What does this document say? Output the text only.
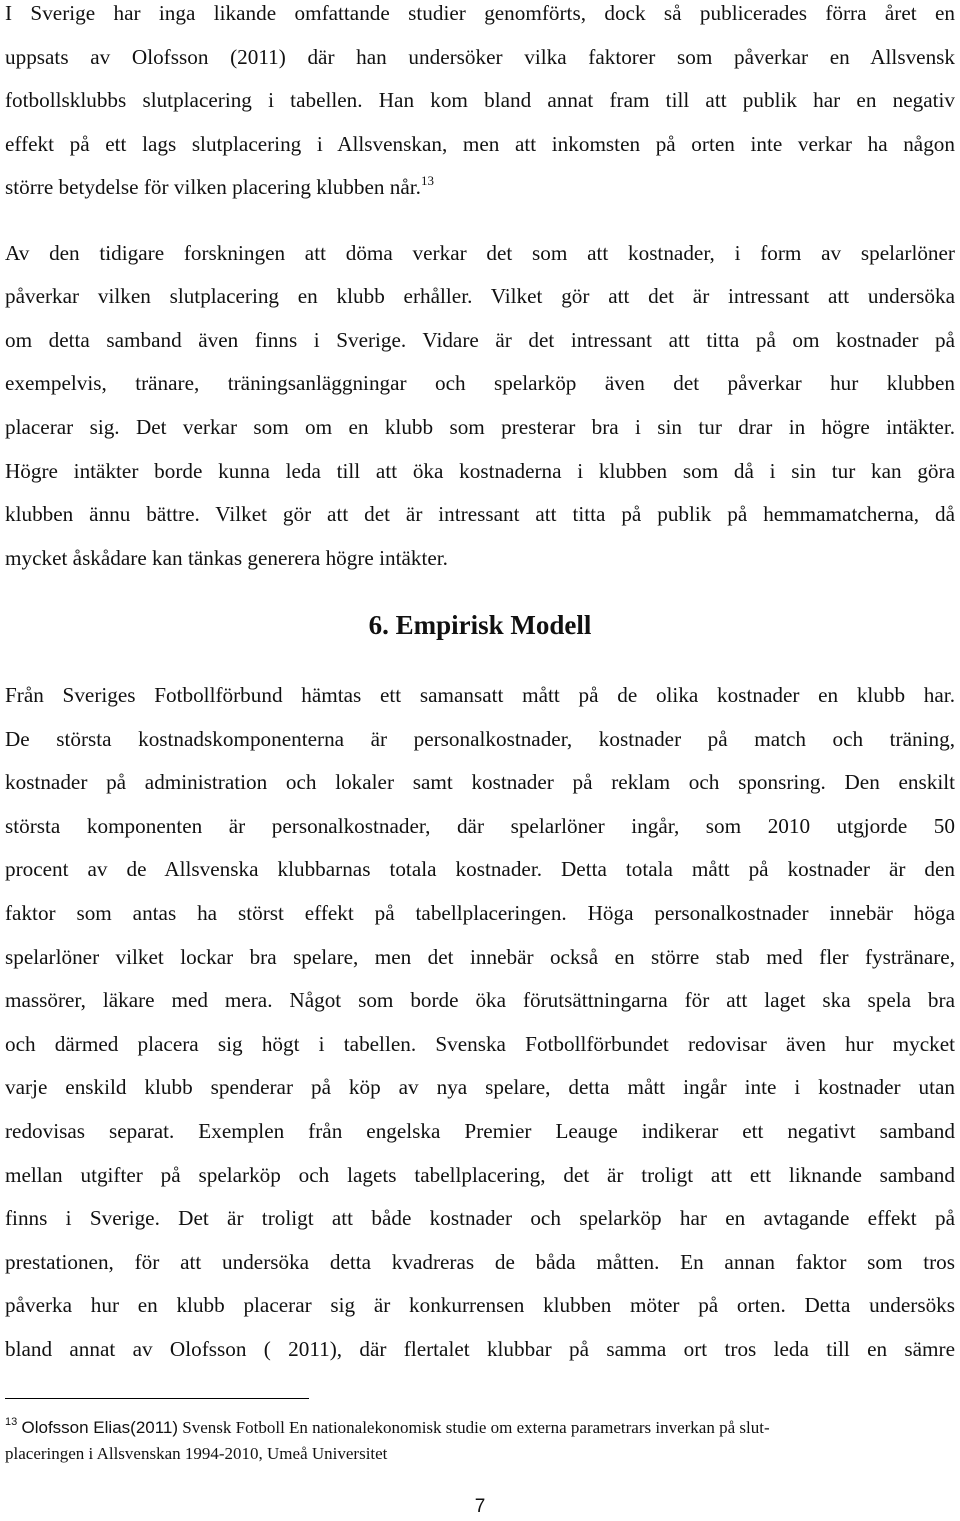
I Sverige har inga likande omfattande studier genomförts, dock så publicerades förra året en
uppsats av Olofsson (2011) där han undersöker vilka faktorer som påverkar en Allsvensk
fotbollsklubbs slutplacering i tabellen. Han kom bland annat fram till att publik har en negativ
effekt på ett lags slutplacering i Allsvenskan, men att inkomsten på orten inte verkar ha någon
större betydelse för vilken placering klubben når.$^{13}$
Av den tidigare forskningen att döma verkar det som att kostnader, i form av spelarlöner
påverkar vilken slutplacering en klubb erhåller. Vilket gör att det är intressant att undersöka
om detta samband även finns i Sverige. Vidare är det intressant att titta på om kostnader på
exempelvis, tränare, träningsanläggningar och spelarköp även det påverkar hur klubben
placerar sig. Det verkar som om en klubb som presterar bra i sin tur drar in högre intäkter.
Högre intäkter borde kunna leda till att öka kostnaderna i klubben som då i sin tur kan göra
klubben ännu bättre. Vilket gör att det är intressant att titta på publik på hemmamatcherna, då
mycket åskådare kan tänkas generera högre intäkter.
6. Empirisk Modell
Från Sveriges Fotbollförbund hämtas ett samansatt mått på de olika kostnader en klubb har.
De största kostnadskomponenterna är personalkostnader, kostnader på match och träning,
kostnader på administration och lokaler samt kostnader på reklam och sponsring. Den enskilt
största komponenten är personalkostnader, där spelarlöner ingår, som 2010 utgjorde 50
procent av de Allsvenska klubbarnas totala kostnader. Detta totala mått på kostnader är den
faktor som antas ha störst effekt på tabellplaceringen. Höga personalkostnader innebär höga
spelarlöner vilket lockar bra spelare, men det innebär också en större stab med fler fystränare,
massörer, läkare med mera. Något som borde öka förutsättningarna för att laget ska spela bra
och därmed placera sig högt i tabellen. Svenska Fotbollförbundet redovisar även hur mycket
varje enskild klubb spenderar på köp av nya spelare, detta mått ingår inte i kostnader utan
redovisas separat. Exemplen från engelska Premier Leauge indikerar ett negativt samband
mellan utgifter på spelarköp och lagets tabellplacering, det är troligt att ett liknande samband
finns i Sverige. Det är troligt att både kostnader och spelarköp har en avtagande effekt på
prestationen, för att undersöka detta kvadreras de båda måtten. En annan faktor som tros
påverka hur en klubb placerar sig är konkurrensen klubben möter på orten. Detta undersöks
bland annat av Olofsson ( 2011), där flertalet klubbar på samma ort tros leda till en sämre
$^{13}$ Olofsson Elias(2011) Svensk Fotboll En nationalekonomisk studie om externa parametrars inverkan på slut-
placeringen i Allsvenskan 1994-2010, Umeå Universitet
7
